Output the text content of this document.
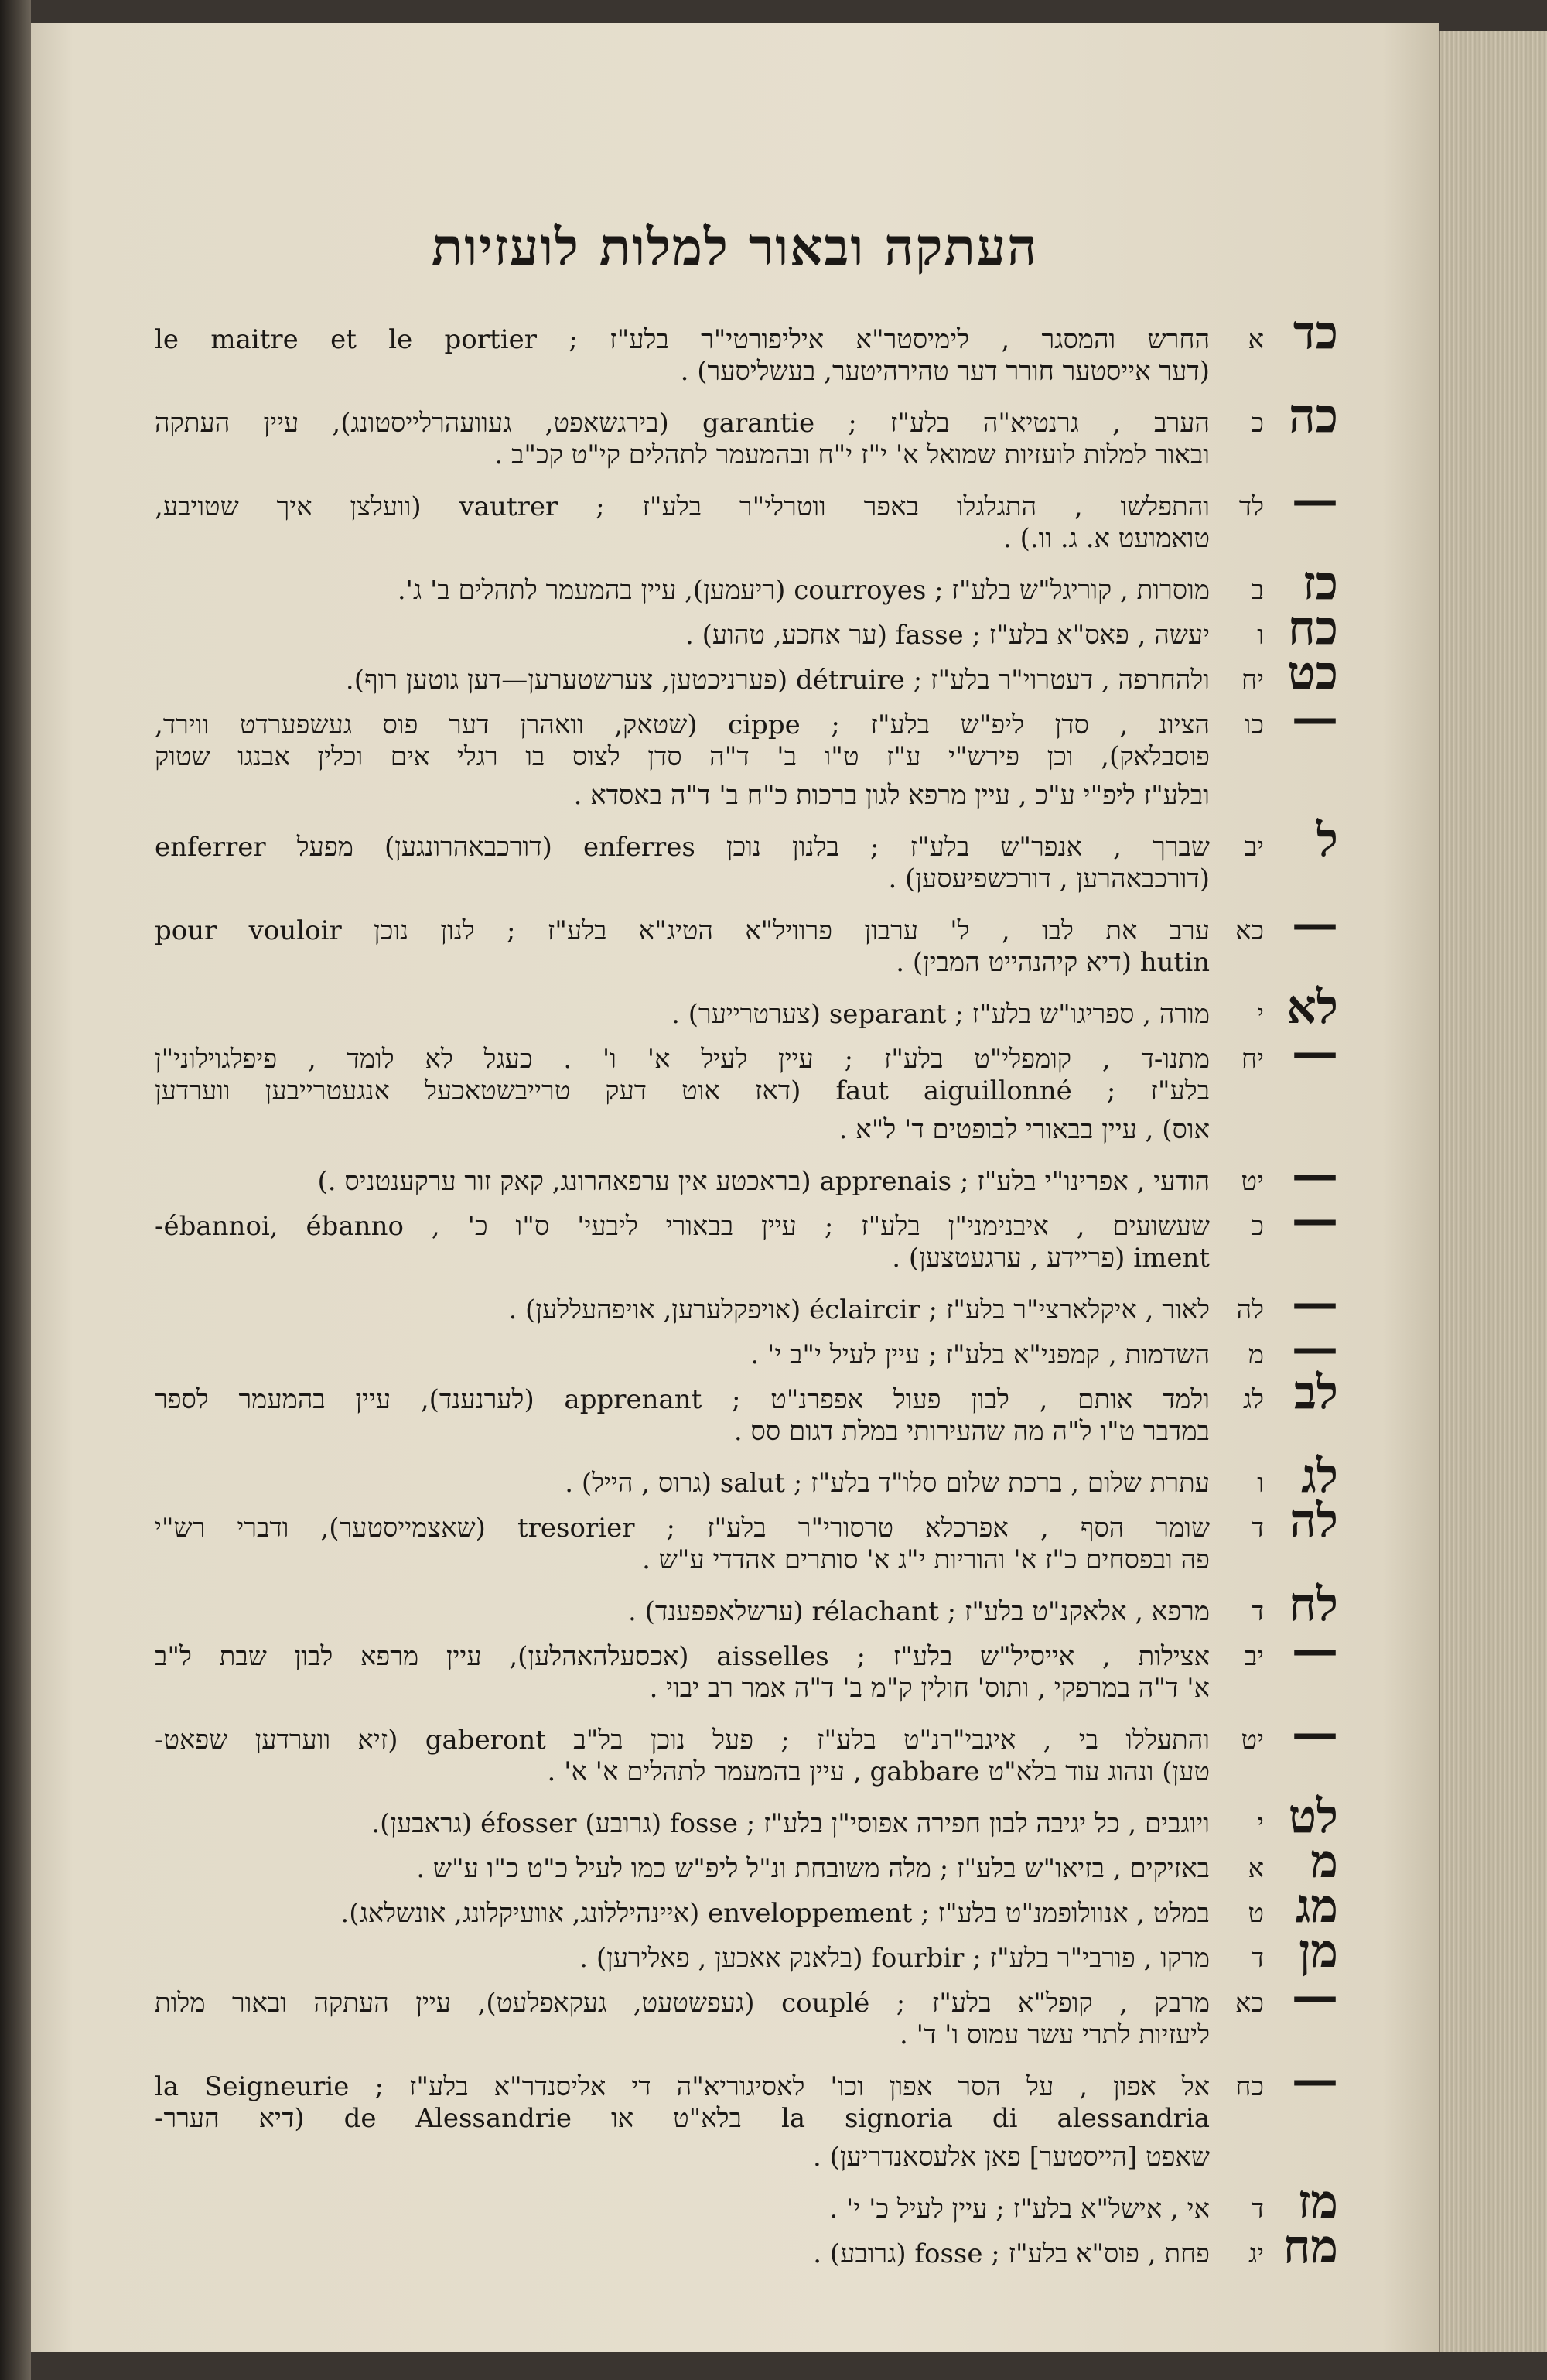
העתקה ובאור למלות לועזיות
כד
א
החרש והמסגר , לימיסטר"א איליפורטי"ר בלע"ז ; le maitre et le portier
(דער אייסטער חורר דער טהירהיטער, בעשליסער) .
כה
כ
הערב , גרנטיא"ה בלע"ז ; garantie (בירגשאפט, געוועהרלייסטונג), עיין העתקה
ובאור למלות לועזיות שמואל א' י"ז י"ח ובהמעמר לתהלים קי"ט קכ"ב .
—
לד
והתפלשו , התגלגלו באפר ווטרלי"ר בלע"ז ; vautrer (וועלצן איך שטויבע,
טואמועט א. ג. וו.) .
כז
ב
מוסרות , קוריגל"ש בלע"ז ; courroyes (ריעמען), עיין בהמעמר לתהלים ב' ג'.
כח
ו
יעשה , פאס"א בלע"ז ; fasse (ער אחכע, טהוע) .
כט
יח
ולהחרפה , דעטרוי"ר בלע"ז ; détruire (פערניכטען, צערשטערען—דען גוטען רוף).
—
כו
הציונ , סדן ליפ"ש בלע"ז ; cippe (שטאק, וואהרן דער פוס געשפערדט ווירד,
פוסבלאק), וכן פירש"י ע"ז ט"ו ב' ד"ה סדן לצוס בו רגלי אים וכלין אבנגו שטוק
ובלע"ז ליפ"י ע"כ , עיין מרפא לגון ברכות כ"ח ב' ד"ה באסדא .
ל
יב
שברך , אנפר"ש בלע"ז ; בלנון נוכן enferres (דורכבאהרונגען) מפעל enferrer
(דורכבאהרען , דורכשפיעסען) .
—
כא
ערב את לבו , ל' ערבון פרוויל"א הטיג"א בלע"ז ; לנון נוכן pour vouloir
hutin (דיא קיהנהייט המבין) .
לא
י
מורה , ספריגו"ש בלע"ז ; separant (צערטרייער) .
—
יח
מתנו-ד , קומפלי"ט בלע"ז ; עיין לעיל א' ו' . כעגל לא לומד , פיפלגוילוני"ן
בלע"ז ; faut aiguillonné (דאז אוט דעק טרייבשטאכעל אנגעטרייבען ווערדען
אוס) , עיין בבאורי לבופטים ד' ל"א .
—
יט
הודעי , אפרינו"י בלע"ז ; apprenais (בראכטע אין ערפאהרונג, קאק זור ערקענטניס .)
—
כ
שעשועים , איבנימני"ן בלע"ז ; עיין בבאורי ליבעי' ס"ו כ' , ébannoi, ébanno-
iment (פריידע , ערגעטצען) .
—
לה
לאור , איקלארצי"ר בלע"ז ; éclaircir (אויפקלערען, אויפהעללען) .
—
מ
השדמות , קמפני"א בלע"ז ; עיין לעיל י"ב י' .
לב
לג
ולמד אותם , לבון פעול אפפרנ"ט ; apprenant (לערנענד), עיין בהמעמר לספר
במדבר ט"ו ל"ה מה שהעירותי במלת דגום סס .
לג
ו
עתרת שלום , ברכת שלום סלו"ד בלע"ז ; salut (גרוס , הייל) .
לה
ד
שומר הסף , אפרכלא טרסורי"ר בלע"ז ; tresorier (שאצמייסטער), ודברי רש"י
פה ובפסחים כ"ז א' והוריות י"ג א' סותרים אהדדי ע"ש .
לח
ד
מרפא , אלאקנ"ט בלע"ז ; rélachant (ערשלאפפענד) .
—
יב
אצילות , אייסיל"ש בלע"ז ; aisselles (אכסעלהאהלען), עיין מרפא לבון שבת ל"ב
א' ד"ה במרפקי , ותוס' חולין ק"מ ב' ד"ה אמר רב יבוי .
—
יט
והתעללו בי , איגבי"רנ"ט בלע"ז ; פעל נוכן בל"ב gaberont (זיא ווערדען שפאט-
טען) ונהוג עוד בלא"ט gabbare , עיין בהמעמר לתהלים א' א' .
לט
י
ויוגבים , כל יגיבה לבון חפירה אפוסי"ן בלע"ז ; fosse (גרובע) éfosser (גראבען).
מ
א
באזיקים , בזיאו"ש בלע"ז ; מלה משובחת ונ"ל ליפ"ש כמו לעיל כ"ט כ"ו ע"ש .
מג
ט
במלט , אנוולופמנ"ט בלע"ז ; enveloppement (איינהיללונג, אוועיקלונג, אונשלאג).
מן
ד
מרקו , פורבי"ר בלע"ז ; fourbir (בלאנק אאכען , פאלירען) .
—
כא
מרבק , קופל"א בלע"ז ; couplé (געפשטעט, געקאפלעט), עיין העתקה ובאור מלות
ליעזיות לתרי עשר עמוס ו' ד' .
—
כח
אל אפון , על הסר אפון וכו' לאסיגוריא"ה די אליסנדר"א בלע"ז ; la Seigneurie
la signoria di alessandria בלא"ט או de Alessandrie (דיא הערר-
שאפט [הייסטער] פאן אלעסאנדריען) .
מז
ד
אי , אישל"א בלע"ז ; עיין לעיל כ' י' .
מח
יג
פחת , פוס"א בלע"ז ; fosse (גרובע) .
